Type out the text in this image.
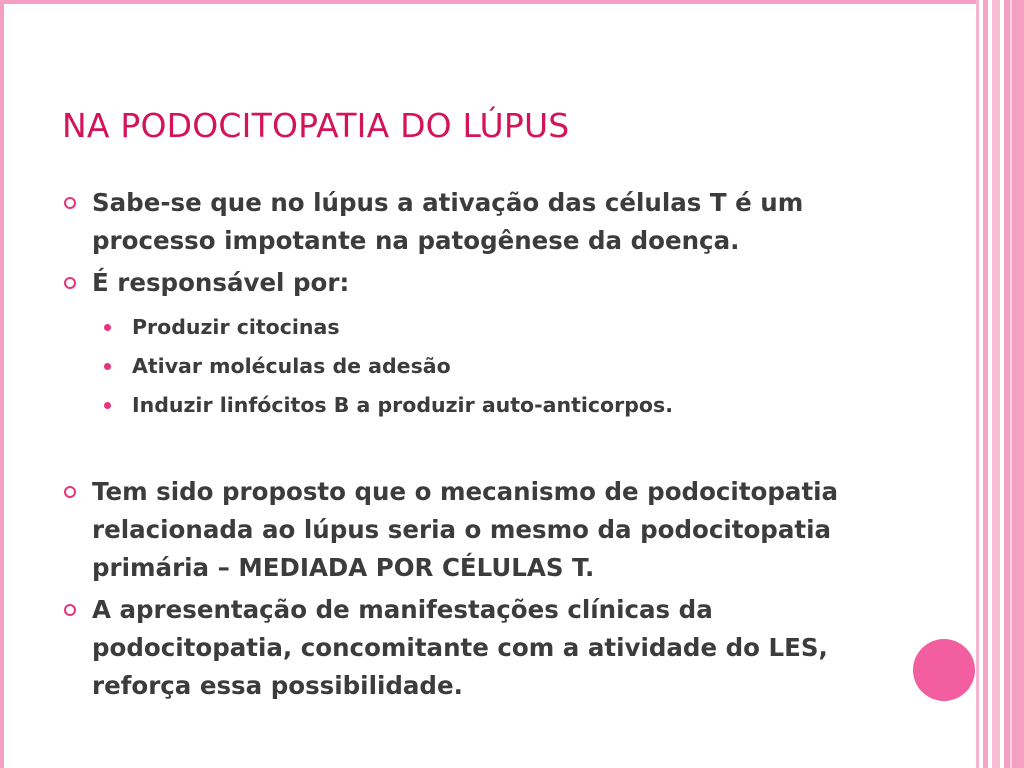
NA PODOCITOPATIA DO LÚPUS
Sabe-se que no lúpus a ativação das células T é um processo impotante na patogênese da doença.
É responsável por:
Produzir citocinas
Ativar moléculas de adesão
Induzir linfócitos B a produzir auto-anticorpos.
Tem sido proposto que o mecanismo de podocitopatia relacionada ao lúpus seria o mesmo da podocitopatia primária – MEDIADA POR CÉLULAS T.
A apresentação de manifestações clínicas da podocitopatia, concomitante com a atividade do LES, reforça essa possibilidade.
